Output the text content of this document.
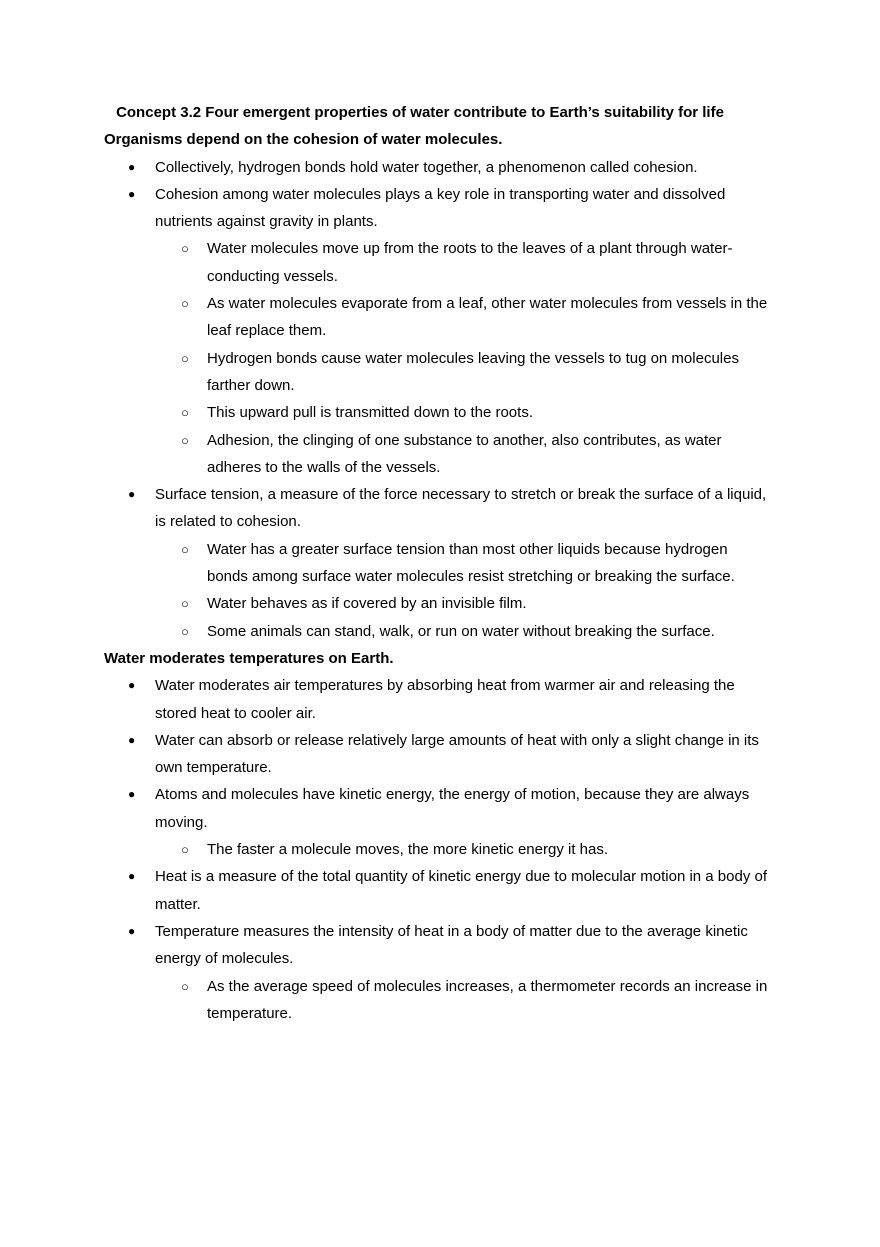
Concept 3.2 Four emergent properties of water contribute to Earth’s suitability for life
Organisms depend on the cohesion of water molecules.
● Collectively, hydrogen bonds hold water together, a phenomenon called cohesion.
● Cohesion among water molecules plays a key role in transporting water and dissolved nutrients against gravity in plants.
○ Water molecules move up from the roots to the leaves of a plant through water-conducting vessels.
○ As water molecules evaporate from a leaf, other water molecules from vessels in the leaf replace them.
○ Hydrogen bonds cause water molecules leaving the vessels to tug on molecules farther down.
○ This upward pull is transmitted down to the roots.
○ Adhesion, the clinging of one substance to another, also contributes, as water adheres to the walls of the vessels.
● Surface tension, a measure of the force necessary to stretch or break the surface of a liquid, is related to cohesion.
○ Water has a greater surface tension than most other liquids because hydrogen bonds among surface water molecules resist stretching or breaking the surface.
○ Water behaves as if covered by an invisible film.
○ Some animals can stand, walk, or run on water without breaking the surface.
Water moderates temperatures on Earth.
● Water moderates air temperatures by absorbing heat from warmer air and releasing the stored heat to cooler air.
● Water can absorb or release relatively large amounts of heat with only a slight change in its own temperature.
● Atoms and molecules have kinetic energy, the energy of motion, because they are always moving.
○ The faster a molecule moves, the more kinetic energy it has.
● Heat is a measure of the total quantity of kinetic energy due to molecular motion in a body of matter.
● Temperature measures the intensity of heat in a body of matter due to the average kinetic energy of molecules.
○ As the average speed of molecules increases, a thermometer records an increase in temperature.
